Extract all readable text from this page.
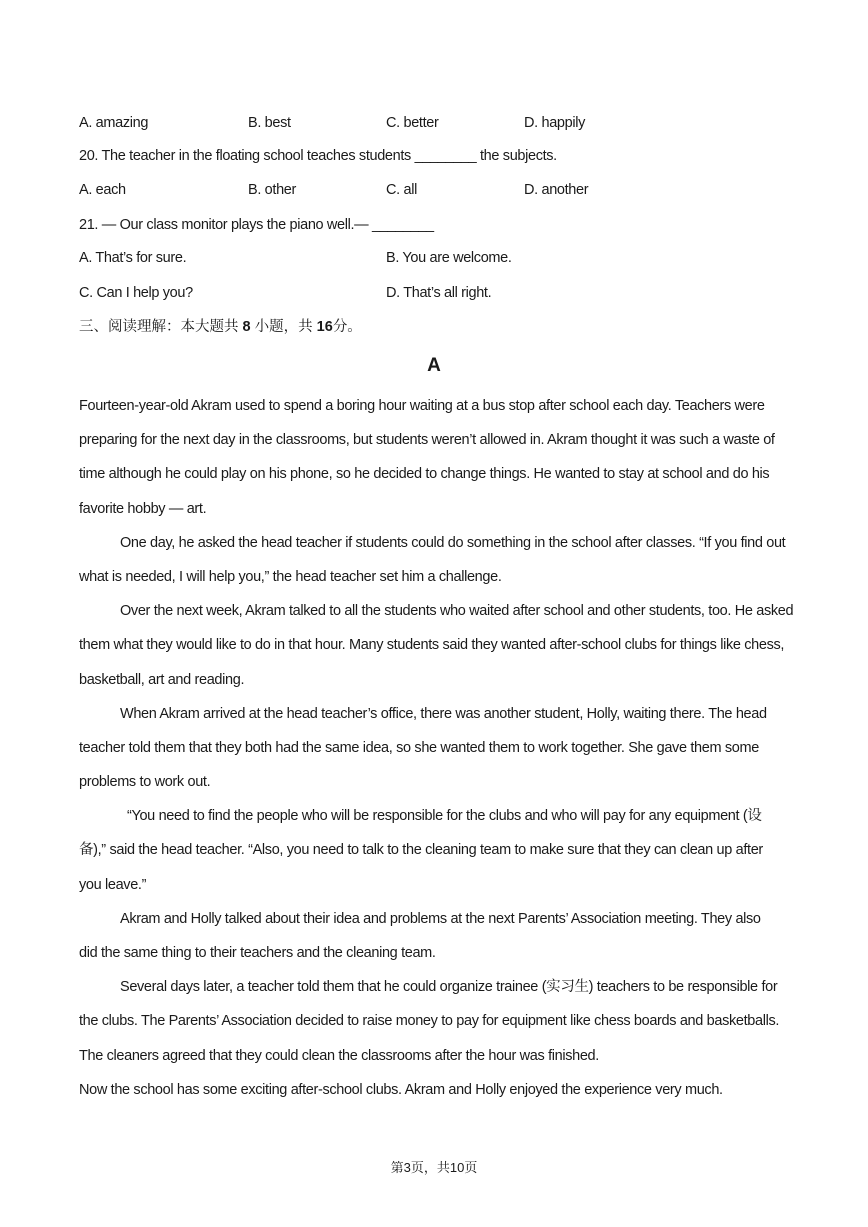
A. amazing	B. best	C. better	D. happily
20. The teacher in the floating school teaches students ________ the subjects.
A. each	B. other	C. all	D. another
21. — Our class monitor plays the piano well.— ________
A. That’s for sure.	B. You are welcome.
C. Can I help you?	D. That’s all right.
三、阅读理解：本大题共 8 小题，共 16分。
A
Fourteen-year-old Akram used to spend a boring hour waiting at a bus stop after school each day. Teachers were
preparing for the next day in the classrooms, but students weren’t allowed in. Akram thought it was such a waste of
time although he could play on his phone, so he decided to change things. He wanted to stay at school and do his
favorite hobby — art.
One day, he asked the head teacher if students could do something in the school after classes. “If you find out
what is needed, I will help you,” the head teacher set him a challenge.
Over the next week, Akram talked to all the students who waited after school and other students, too. He asked
them what they would like to do in that hour. Many students said they wanted after-school clubs for things like chess,
basketball, art and reading.
When Akram arrived at the head teacher’s office, there was another student, Holly, waiting there. The head
teacher told them that they both had the same idea, so she wanted them to work together. She gave them some
problems to work out.
“You need to find the people who will be responsible for the clubs and who will pay for any equipment (设
备),” said the head teacher. “Also, you need to talk to the cleaning team to make sure that they can clean up after
you leave.”
Akram and Holly talked about their idea and problems at the next Parents’ Association meeting. They also
did the same thing to their teachers and the cleaning team.
Several days later, a teacher told them that he could organize trainee (实习生) teachers to be responsible for
the clubs. The Parents’ Association decided to raise money to pay for equipment like chess boards and basketballs.
The cleaners agreed that they could clean the classrooms after the hour was finished.
Now the school has some exciting after-school clubs. Akram and Holly enjoyed the experience very much.
第3页，共10页
